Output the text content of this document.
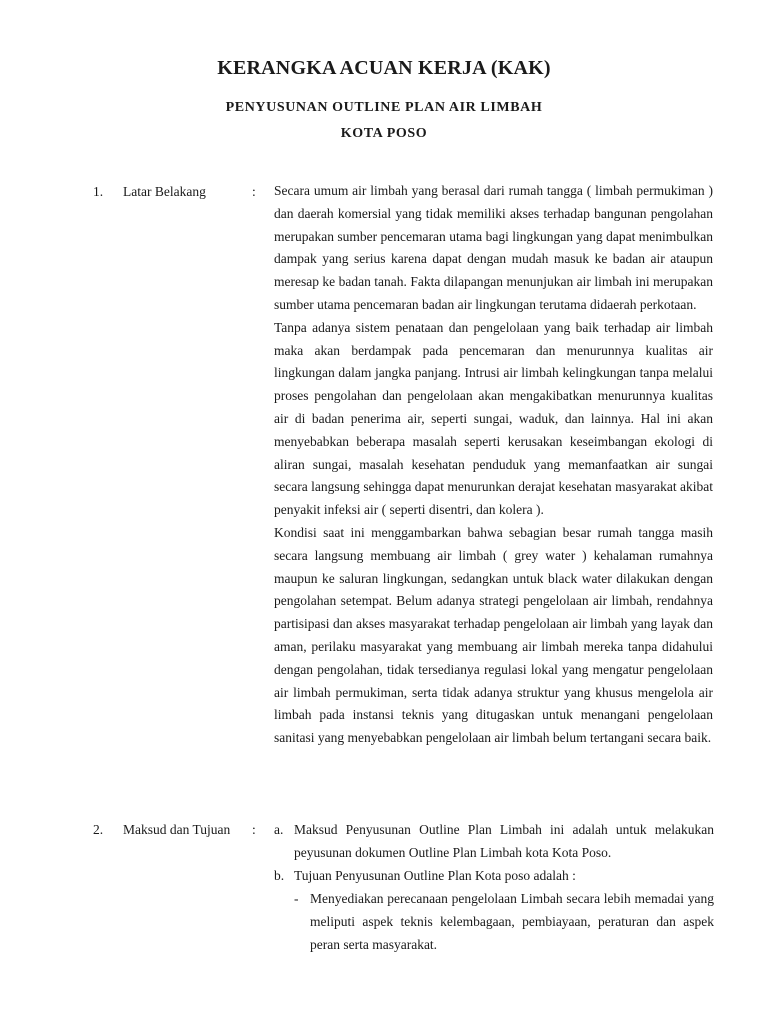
KERANGKA ACUAN KERJA (KAK)
PENYUSUNAN OUTLINE PLAN AIR LIMBAH
KOTA POSO
1. Latar Belakang	: Secara umum air limbah yang berasal dari rumah tangga ( limbah permukiman ) dan daerah komersial yang tidak memiliki akses terhadap bangunan pengolahan merupakan sumber pencemaran utama bagi lingkungan yang dapat menimbulkan dampak yang serius karena dapat dengan mudah masuk ke badan air ataupun meresap ke badan tanah. Fakta dilapangan menunjukan air limbah ini merupakan sumber utama pencemaran badan air lingkungan terutama didaerah perkotaan.

Tanpa adanya sistem penataan dan pengelolaan yang baik terhadap air limbah maka akan berdampak pada pencemaran dan menurunnya kualitas air lingkungan dalam jangka panjang. Intrusi air limbah kelingkungan tanpa melalui proses pengolahan dan pengelolaan akan mengakibatkan menurunnya kualitas air di badan penerima air, seperti sungai, waduk, dan lainnya. Hal ini akan menyebabkan beberapa masalah seperti kerusakan keseimbangan ekologi di aliran sungai, masalah kesehatan penduduk yang memanfaatkan air sungai secara langsung sehingga dapat menurunkan derajat kesehatan masyarakat akibat penyakit infeksi air ( seperti disentri, dan kolera ).

Kondisi saat ini menggambarkan bahwa sebagian besar rumah tangga masih secara langsung membuang air limbah ( grey water ) kehalaman rumahnya maupun ke saluran lingkungan, sedangkan untuk black water dilakukan dengan pengolahan setempat. Belum adanya strategi pengelolaan air limbah, rendahnya partisipasi dan akses masyarakat terhadap pengelolaan air limbah yang layak dan aman, perilaku masyarakat yang membuang air limbah mereka tanpa didahului dengan pengolahan, tidak tersedianya regulasi lokal yang mengatur pengelolaan air limbah permukiman, serta tidak adanya struktur yang khusus mengelola air limbah pada instansi teknis yang ditugaskan untuk menangani pengelolaan sanitasi yang menyebabkan pengelolaan air limbah belum tertangani secara baik.

2. Maksud dan Tujuan : a. Maksud Penyusunan Outline Plan Limbah ini adalah untuk melakukan peyusunan dokumen Outline Plan Limbah kota Kota Poso.
b. Tujuan Penyusunan Outline Plan Kota poso adalah :
- Menyediakan perecanaan pengelolaan Limbah secara lebih memadai yang meliputi aspek teknis kelembagaan, pembiayaan, peraturan dan aspek peran serta masyarakat.
